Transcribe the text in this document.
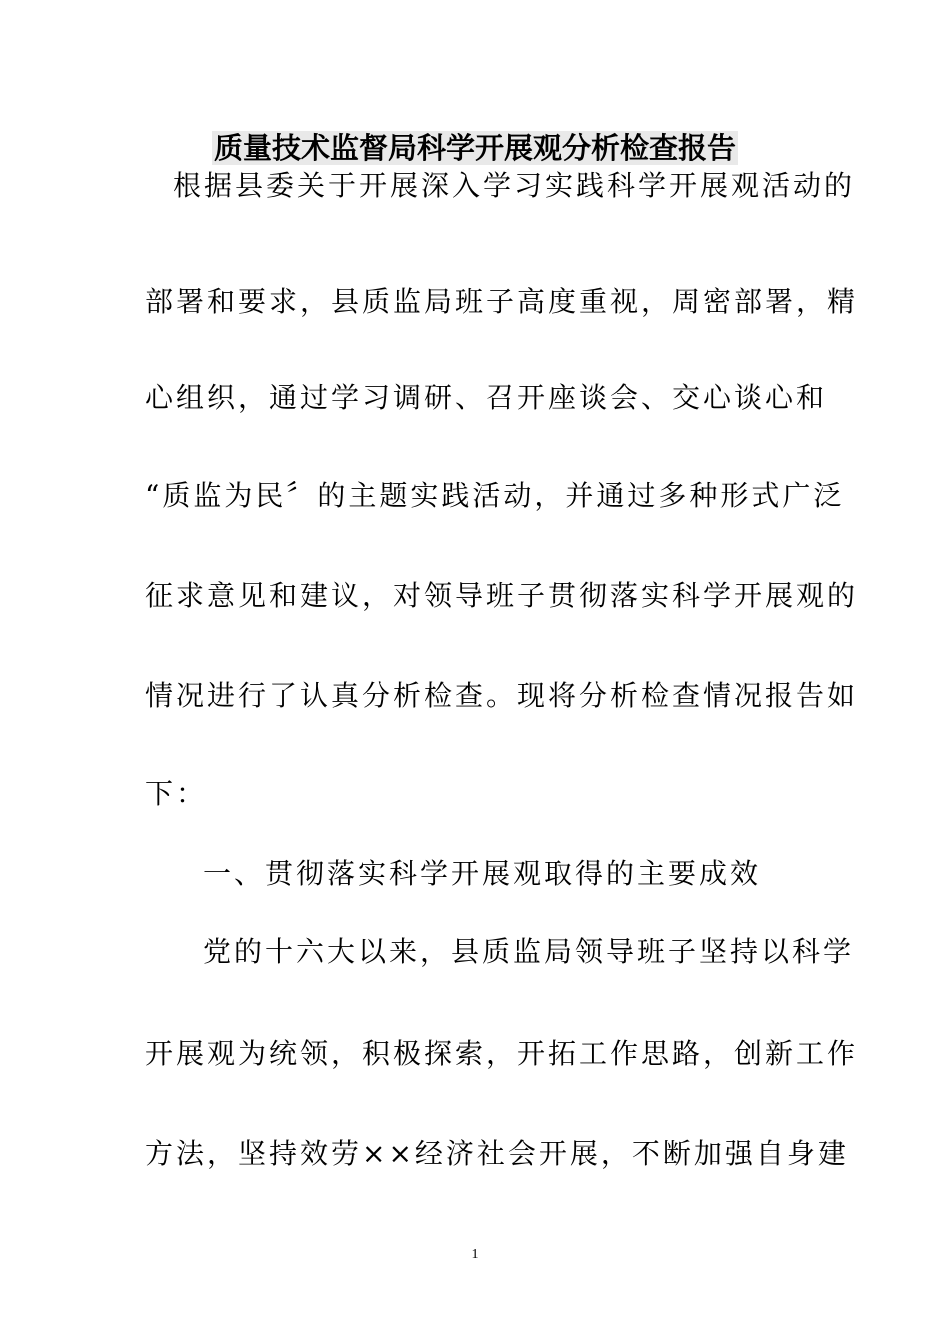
质量技术监督局科学开展观分析检查报告
根据县委关于开展深入学习实践科学开展观活动的
部署和要求，县质监局班子高度重视，周密部署，精
心组织，通过学习调研、召开座谈会、交心谈心和
“质监为民〞的主题实践活动，并通过多种形式广泛
征求意见和建议，对领导班子贯彻落实科学开展观的
情况进行了认真分析检查。现将分析检查情况报告如
下：
一、贯彻落实科学开展观取得的主要成效
党的十六大以来，县质监局领导班子坚持以科学
开展观为统领，积极探索，开拓工作思路，创新工作
方法，坚持效劳××经济社会开展，不断加强自身建
1
